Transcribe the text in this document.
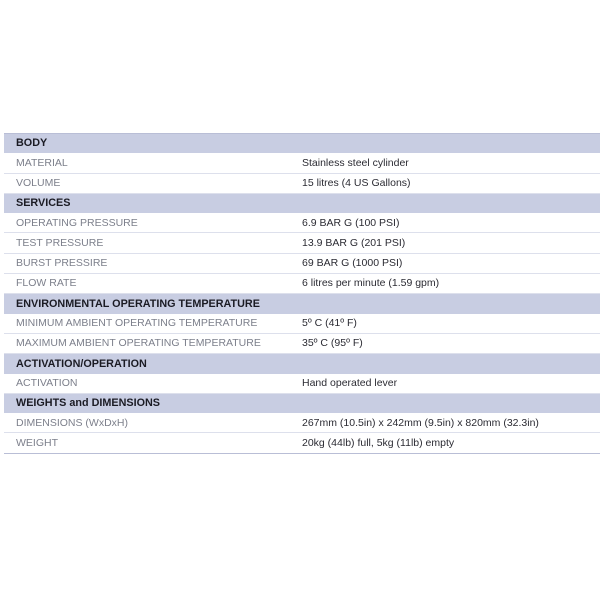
BODY	
MATERIAL	Stainless steel cylinder
VOLUME	15 litres (4 US Gallons)
SERVICES	
OPERATING PRESSURE	6.9 BAR G (100 PSI)
TEST PRESSURE	13.9 BAR G (201 PSI)
BURST PRESSIRE	69 BAR G (1000 PSI)
FLOW RATE	6 litres per minute (1.59 gpm)
ENVIRONMENTAL OPERATING TEMPERATURE	
MINIMUM AMBIENT OPERATING TEMPERATURE	5º C (41º F)
MAXIMUM AMBIENT OPERATING TEMPERATURE	35º C (95º F)
ACTIVATION/OPERATION	
ACTIVATION	Hand operated lever
WEIGHTS and DIMENSIONS	
DIMENSIONS (WxDxH)	267mm (10.5in) x 242mm (9.5in) x 820mm (32.3in)
WEIGHT	20kg (44lb) full, 5kg (11lb) empty
